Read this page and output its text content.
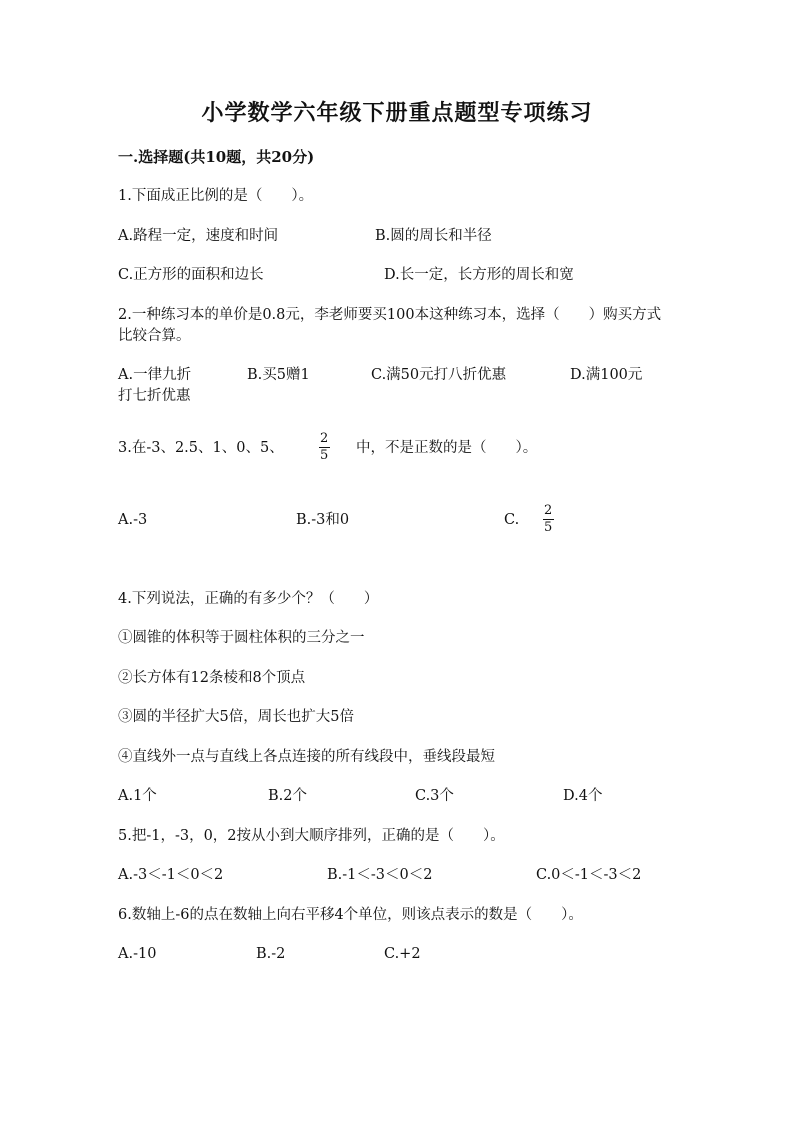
小学数学六年级下册重点题型专项练习
一.选择题(共10题，共20分)
1.下面成正比例的是（　　）。
A.路程一定，速度和时间	B.圆的周长和半径
C.正方形的面积和边长	D.长一定，长方形的周长和宽
2.一种练习本的单价是0.8元，李老师要买100本这种练习本，选择（　　）购买方式比较合算。
A.一律九折	B.买5赠1	C.满50元打八折优惠	D.满100元
打七折优惠
3.在-3、2.5、1、0、5、	$\frac{2}{5}$ 中，不是正数的是（　　）。
A.-3	B.-3和0	C. $\frac{2}{5}$
4.下列说法，正确的有多少个？（　　）
①圆锥的体积等于圆柱体积的三分之一
②长方体有12条棱和8个顶点
③圆的半径扩大5倍，周长也扩大5倍
④直线外一点与直线上各点连接的所有线段中，垂线段最短
A.1个	B.2个	C.3个	D.4个
5.把-1，-3，0，2按从小到大顺序排列，正确的是（　　）。
A.-3＜-1＜0＜2	B.-1＜-3＜0＜2	C.0＜-1＜-3＜2
6.数轴上-6的点在数轴上向右平移4个单位，则该点表示的数是（　　）。
A.-10	B.-2	C.+2
